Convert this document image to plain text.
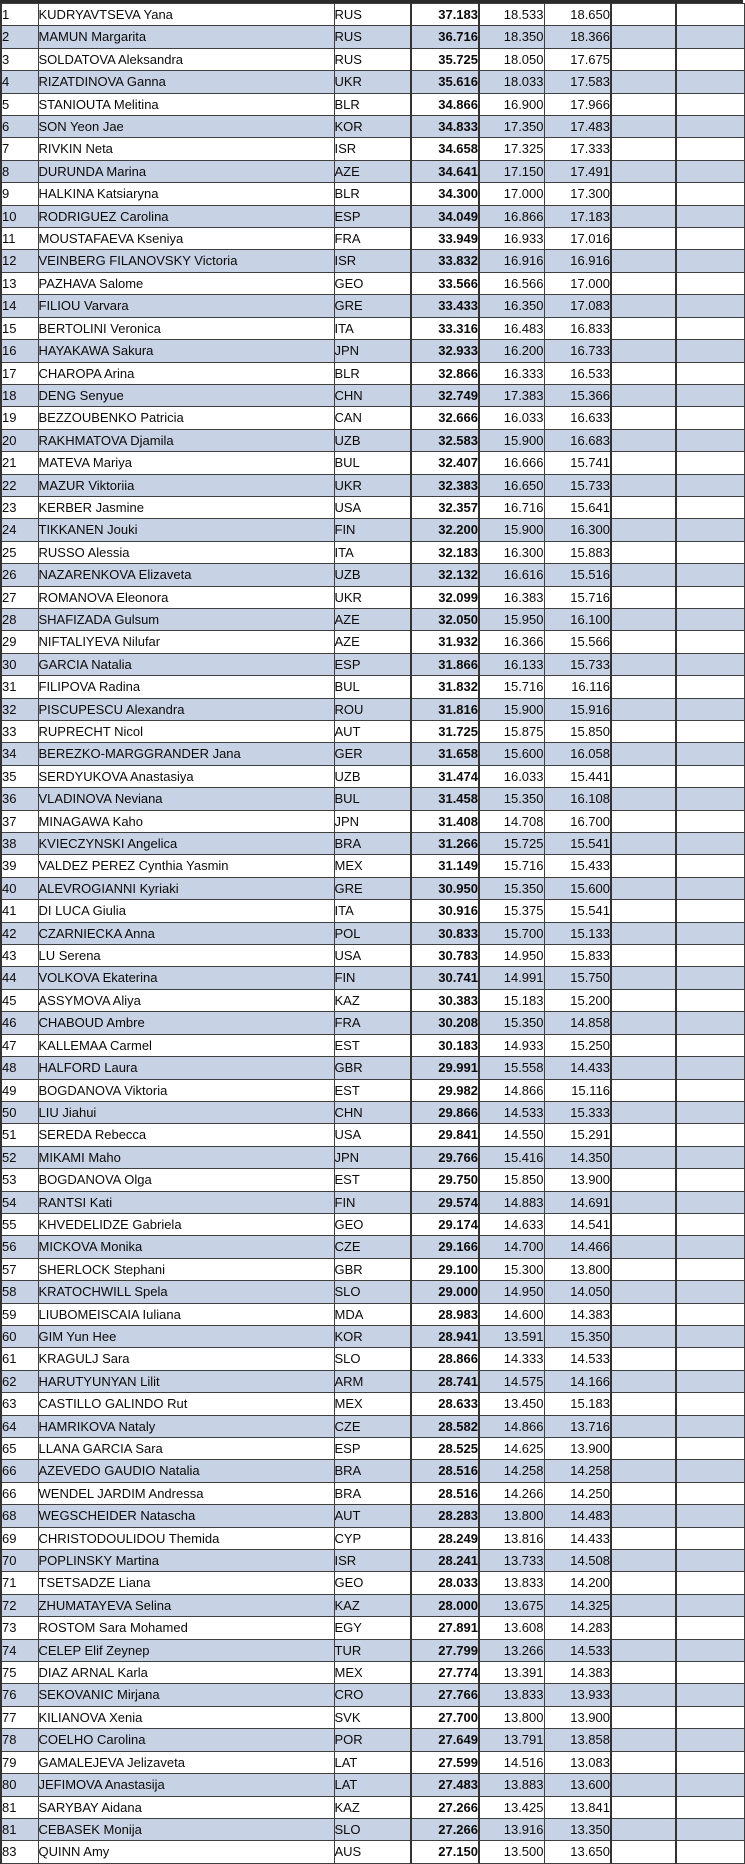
1	KUDRYAVTSEVA Yana	RUS	37.183	18.533	18.650		
2	MAMUN Margarita	RUS	36.716	18.350	18.366		
3	SOLDATOVA Aleksandra	RUS	35.725	18.050	17.675		
4	RIZATDINOVA Ganna	UKR	35.616	18.033	17.583		
5	STANIOUTA Melitina	BLR	34.866	16.900	17.966		
6	SON Yeon Jae	KOR	34.833	17.350	17.483		
7	RIVKIN Neta	ISR	34.658	17.325	17.333		
8	DURUNDA Marina	AZE	34.641	17.150	17.491		
9	HALKINA Katsiaryna	BLR	34.300	17.000	17.300		
10	RODRIGUEZ Carolina	ESP	34.049	16.866	17.183		
11	MOUSTAFAEVA Kseniya	FRA	33.949	16.933	17.016		
12	VEINBERG FILANOVSKY Victoria	ISR	33.832	16.916	16.916		
13	PAZHAVA Salome	GEO	33.566	16.566	17.000		
14	FILIOU Varvara	GRE	33.433	16.350	17.083		
15	BERTOLINI Veronica	ITA	33.316	16.483	16.833		
16	HAYAKAWA Sakura	JPN	32.933	16.200	16.733		
17	CHAROPA Arina	BLR	32.866	16.333	16.533		
18	DENG Senyue	CHN	32.749	17.383	15.366		
19	BEZZOUBENKO Patricia	CAN	32.666	16.033	16.633		
20	RAKHMATOVA Djamila	UZB	32.583	15.900	16.683		
21	MATEVA Mariya	BUL	32.407	16.666	15.741		
22	MAZUR Viktoriia	UKR	32.383	16.650	15.733		
23	KERBER Jasmine	USA	32.357	16.716	15.641		
24	TIKKANEN Jouki	FIN	32.200	15.900	16.300		
25	RUSSO Alessia	ITA	32.183	16.300	15.883		
26	NAZARENKOVA Elizaveta	UZB	32.132	16.616	15.516		
27	ROMANOVA Eleonora	UKR	32.099	16.383	15.716		
28	SHAFIZADA Gulsum	AZE	32.050	15.950	16.100		
29	NIFTALIYEVA Nilufar	AZE	31.932	16.366	15.566		
30	GARCIA Natalia	ESP	31.866	16.133	15.733		
31	FILIPOVA Radina	BUL	31.832	15.716	16.116		
32	PISCUPESCU Alexandra	ROU	31.816	15.900	15.916		
33	RUPRECHT Nicol	AUT	31.725	15.875	15.850		
34	BEREZKO-MARGGRANDER Jana	GER	31.658	15.600	16.058		
35	SERDYUKOVA Anastasiya	UZB	31.474	16.033	15.441		
36	VLADINOVA Neviana	BUL	31.458	15.350	16.108		
37	MINAGAWA Kaho	JPN	31.408	14.708	16.700		
38	KVIECZYNSKI Angelica	BRA	31.266	15.725	15.541		
39	VALDEZ PEREZ Cynthia Yasmin	MEX	31.149	15.716	15.433		
40	ALEVROGIANNI Kyriaki	GRE	30.950	15.350	15.600		
41	DI LUCA Giulia	ITA	30.916	15.375	15.541		
42	CZARNIECKA Anna	POL	30.833	15.700	15.133		
43	LU Serena	USA	30.783	14.950	15.833		
44	VOLKOVA Ekaterina	FIN	30.741	14.991	15.750		
45	ASSYMOVA Aliya	KAZ	30.383	15.183	15.200		
46	CHABOUD Ambre	FRA	30.208	15.350	14.858		
47	KALLEMAA Carmel	EST	30.183	14.933	15.250		
48	HALFORD Laura	GBR	29.991	15.558	14.433		
49	BOGDANOVA Viktoria	EST	29.982	14.866	15.116		
50	LIU Jiahui	CHN	29.866	14.533	15.333		
51	SEREDA Rebecca	USA	29.841	14.550	15.291		
52	MIKAMI Maho	JPN	29.766	15.416	14.350		
53	BOGDANOVA Olga	EST	29.750	15.850	13.900		
54	RANTSI Kati	FIN	29.574	14.883	14.691		
55	KHVEDELIDZE Gabriela	GEO	29.174	14.633	14.541		
56	MICKOVA Monika	CZE	29.166	14.700	14.466		
57	SHERLOCK Stephani	GBR	29.100	15.300	13.800		
58	KRATOCHWILL Spela	SLO	29.000	14.950	14.050		
59	LIUBOMEISCAIA Iuliana	MDA	28.983	14.600	14.383		
60	GIM Yun Hee	KOR	28.941	13.591	15.350		
61	KRAGULJ Sara	SLO	28.866	14.333	14.533		
62	HARUTYUNYAN Lilit	ARM	28.741	14.575	14.166		
63	CASTILLO GALINDO Rut	MEX	28.633	13.450	15.183		
64	HAMRIKOVA Nataly	CZE	28.582	14.866	13.716		
65	LLANA GARCIA Sara	ESP	28.525	14.625	13.900		
66	AZEVEDO GAUDIO Natalia	BRA	28.516	14.258	14.258		
66	WENDEL JARDIM Andressa	BRA	28.516	14.266	14.250		
68	WEGSCHEIDER Natascha	AUT	28.283	13.800	14.483		
69	CHRISTODOULIDOU Themida	CYP	28.249	13.816	14.433		
70	POPLINSKY Martina	ISR	28.241	13.733	14.508		
71	TSETSADZE Liana	GEO	28.033	13.833	14.200		
72	ZHUMATAYEVA Selina	KAZ	28.000	13.675	14.325		
73	ROSTOM Sara Mohamed	EGY	27.891	13.608	14.283		
74	CELEP Elif Zeynep	TUR	27.799	13.266	14.533		
75	DIAZ ARNAL Karla	MEX	27.774	13.391	14.383		
76	SEKOVANIC Mirjana	CRO	27.766	13.833	13.933		
77	KILIANOVA Xenia	SVK	27.700	13.800	13.900		
78	COELHO Carolina	POR	27.649	13.791	13.858		
79	GAMALEJEVA Jelizaveta	LAT	27.599	14.516	13.083		
80	JEFIMOVA Anastasija	LAT	27.483	13.883	13.600		
81	SARYBAY Aidana	KAZ	27.266	13.425	13.841		
81	CEBASEK Monija	SLO	27.266	13.916	13.350		
83	QUINN Amy	AUS	27.150	13.500	13.650		
